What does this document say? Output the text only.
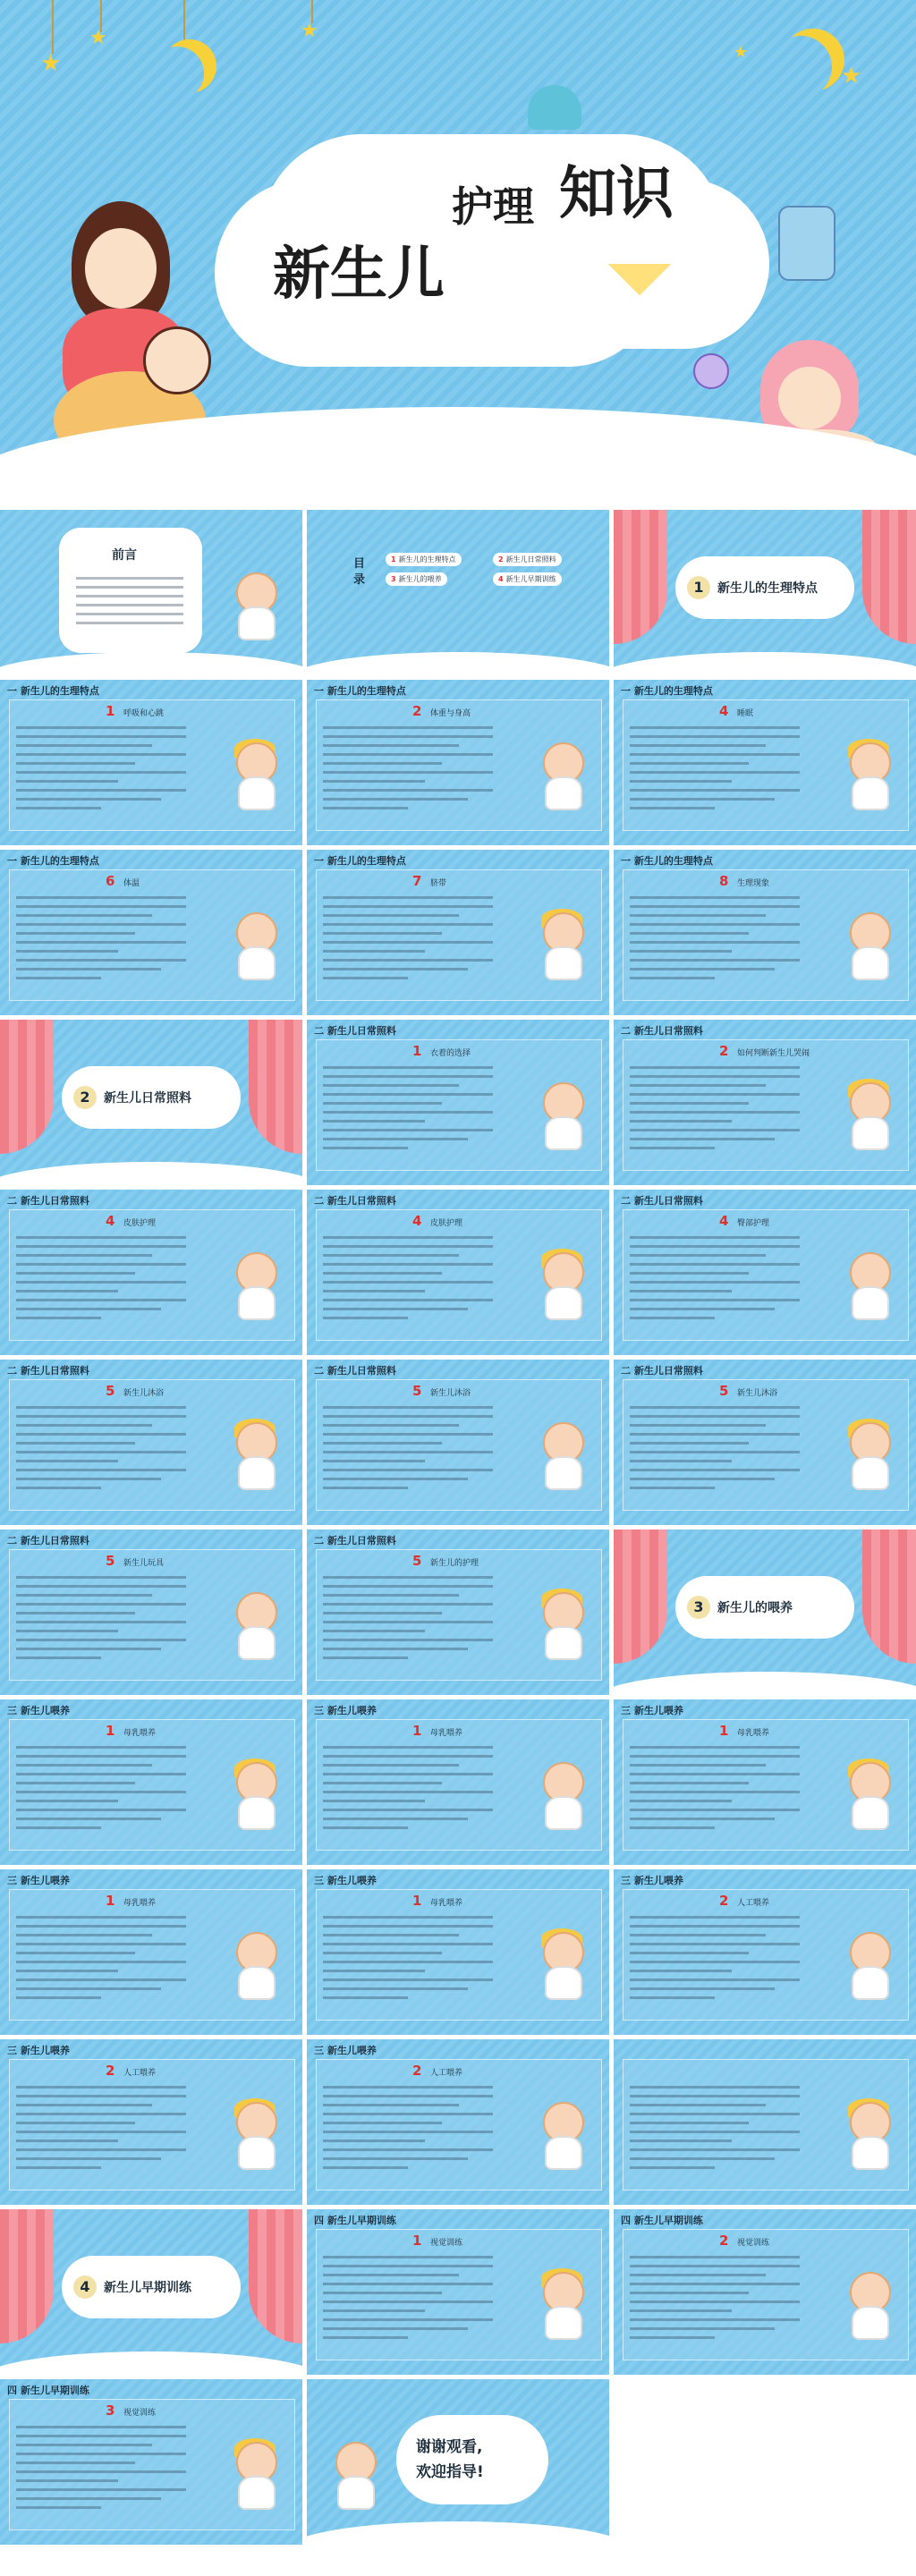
★
★	★
★
★
新生儿
护理 知识
前言
目录
1 新生儿的生理特点	2 新生儿日常照料
3 新生儿的喂养	4 新生儿早期训练	1	新生儿的生理特点
一 新生儿的生理特点
1 呼吸和心跳
一 新生儿的生理特点
2 体重与身高
一 新生儿的生理特点
4 睡眠
一 新生儿的生理特点
6 体温
一 新生儿的生理特点
7 脐带
一 新生儿的生理特点
8 生理现象
2	新生儿日常照料
二 新生儿日常照料
1 衣着的选择
二 新生儿日常照料
2 如何判断新生儿哭闹
二 新生儿日常照料
4 皮肤护理
二 新生儿日常照料
4 皮肤护理
二 新生儿日常照料
4 臀部护理
二 新生儿日常照料
5 新生儿沐浴
二 新生儿日常照料
5 新生儿沐浴
二 新生儿日常照料
5 新生儿沐浴
二 新生儿日常照料
5 新生儿玩具
二 新生儿日常照料
5 新生儿的护理
3	新生儿的喂养
三 新生儿喂养
1 母乳喂养
三 新生儿喂养
1 母乳喂养
三 新生儿喂养
1 母乳喂养
三 新生儿喂养
1 母乳喂养
三 新生儿喂养
1 母乳喂养
三 新生儿喂养
2 人工喂养
三 新生儿喂养
2 人工喂养
三 新生儿喂养
2 人工喂养
4	新生儿早期训练
四 新生儿早期训练
1 视觉训练
四 新生儿早期训练
2 视觉训练
四 新生儿早期训练
3 视觉训练
谢谢观看,
欢迎指导!
